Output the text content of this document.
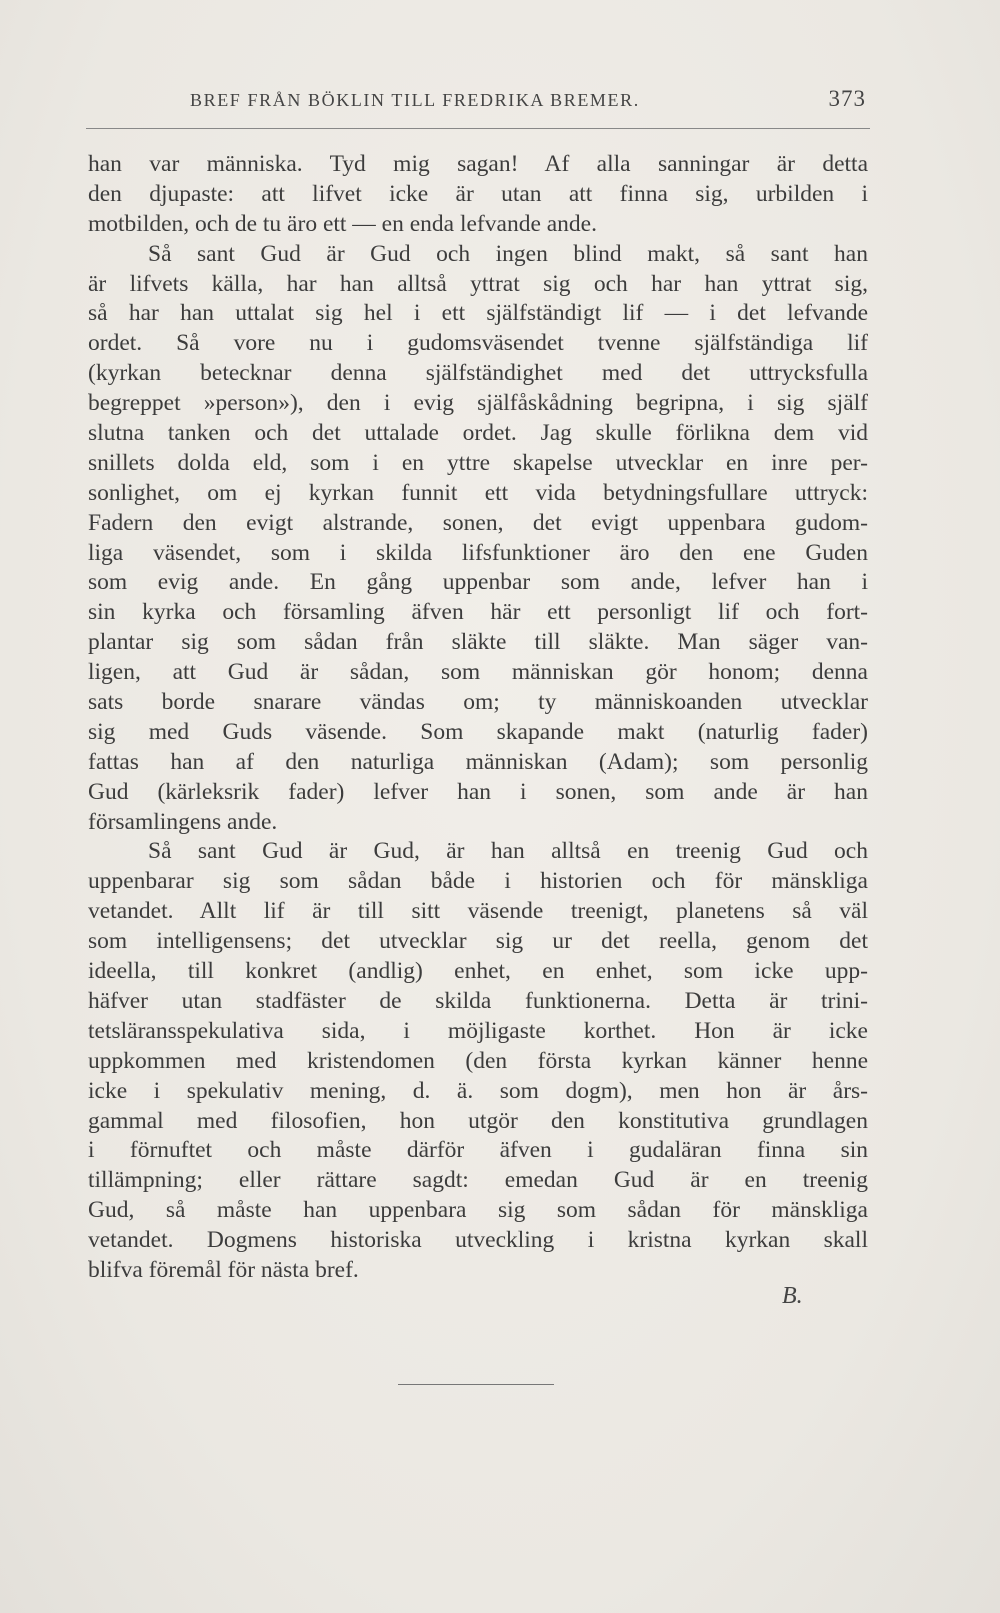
BREF FRÅN BÖKLIN TILL FREDRIKA BREMER.	373
han var människa. Tyd mig sagan! Af alla sanningar är detta
den djupaste: att lifvet icke är utan att finna sig, urbilden i
motbilden, och de tu äro ett — en enda lefvande ande.
Så sant Gud är Gud och ingen blind makt, så sant han
är lifvets källa, har han alltså yttrat sig och har han yttrat sig,
så har han uttalat sig hel i ett själfständigt lif — i det lefvande
ordet. Så vore nu i gudomsväsendet tvenne själfständiga lif
(kyrkan betecknar denna själfständighet med det uttrycksfulla
begreppet »person»), den i evig själfåskådning begripna, i sig själf
slutna tanken och det uttalade ordet. Jag skulle förlikna dem vid
snillets dolda eld, som i en yttre skapelse utvecklar en inre per-
sonlighet, om ej kyrkan funnit ett vida betydningsfullare uttryck:
Fadern den evigt alstrande, sonen, det evigt uppenbara gudom-
liga väsendet, som i skilda lifsfunktioner äro den ene Guden
som evig ande. En gång uppenbar som ande, lefver han i
sin kyrka och församling äfven här ett personligt lif och fort-
plantar sig som sådan från släkte till släkte. Man säger van-
ligen, att Gud är sådan, som människan gör honom; denna
sats borde snarare vändas om; ty människoanden utvecklar
sig med Guds väsende. Som skapande makt (naturlig fader)
fattas han af den naturliga människan (Adam); som personlig
Gud (kärleksrik fader) lefver han i sonen, som ande är han
församlingens ande.
Så sant Gud är Gud, är han alltså en treenig Gud och
uppenbarar sig som sådan både i historien och för mänskliga
vetandet. Allt lif är till sitt väsende treenigt, planetens så väl
som intelligensens; det utvecklar sig ur det reella, genom det
ideella, till konkret (andlig) enhet, en enhet, som icke upp-
häfver utan stadfäster de skilda funktionerna. Detta är trini-
tetsläransspekulativa sida, i möjligaste korthet. Hon är icke
uppkommen med kristendomen (den första kyrkan känner henne
icke i spekulativ mening, d. ä. som dogm), men hon är års-
gammal med filosofien, hon utgör den konstitutiva grundlagen
i förnuftet och måste därför äfven i gudaläran finna sin
tillämpning; eller rättare sagdt: emedan Gud är en treenig
Gud, så måste han uppenbara sig som sådan för mänskliga
vetandet. Dogmens historiska utveckling i kristna kyrkan skall
blifva föremål för nästa bref.
B.
